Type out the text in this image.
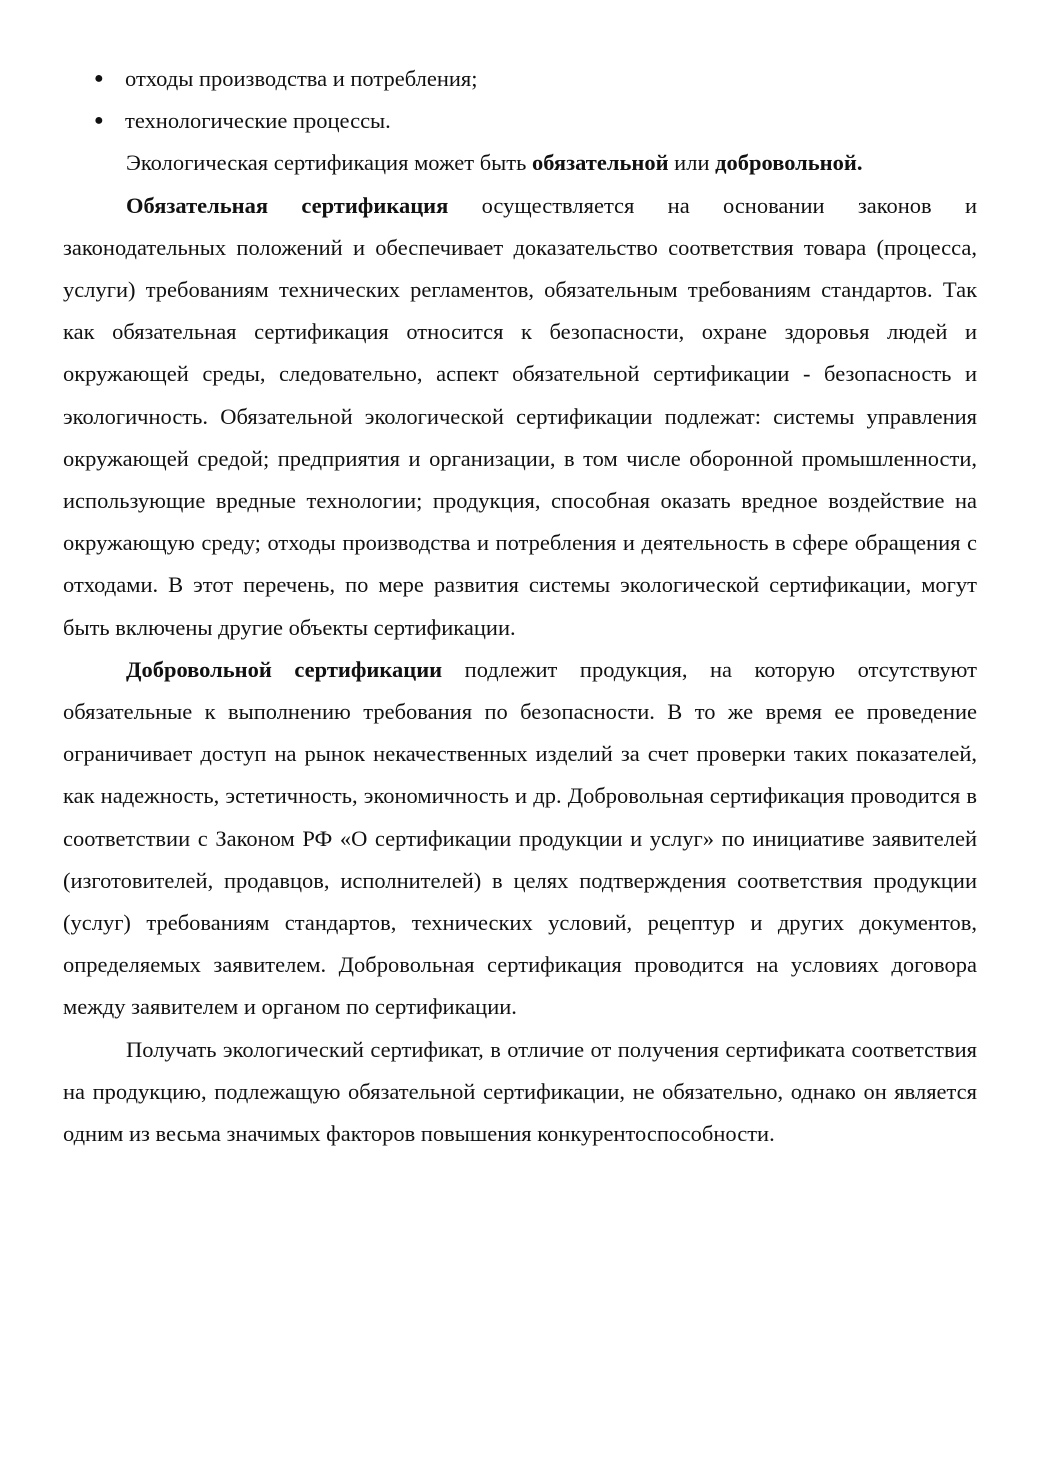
● отходы производства и потребления;
● технологические процессы.

Экологическая сертификация может быть обязательной или добровольной.

Обязательная сертификация осуществляется на основании законов и законодательных положений и обеспечивает доказательство соответствия товара (процесса, услуги) требованиям технических регламентов, обязательным требованиям стандартов. Так как обязательная сертификация относится к безопасности, охране здоровья людей и окружающей среды, следовательно, аспект обязательной сертификации - безопасность и экологичность. Обязательной экологической сертификации подлежат: системы управления окружающей средой; предприятия и организации, в том числе оборонной промышленности, использующие вредные технологии; продукция, способная оказать вредное воздействие на окружающую среду; отходы производства и потребления и деятельность в сфере обращения с отходами. В этот перечень, по мере развития системы экологической сертификации, могут быть включены другие объекты сертификации.

Добровольной сертификации подлежит продукция, на которую отсутствуют обязательные к выполнению требования по безопасности. В то же время ее проведение ограничивает доступ на рынок некачественных изделий за счет проверки таких показателей, как надежность, эстетичность, экономичность и др. Добровольная сертификация проводится в соответствии с Законом РФ «О сертификации продукции и услуг» по инициативе заявителей (изготовителей, продавцов, исполнителей) в целях подтверждения соответствия продукции (услуг) требованиям стандартов, технических условий, рецептур и других документов, определяемых заявителем. Добровольная сертификация проводится на условиях договора между заявителем и органом по сертификации.

Получать экологический сертификат, в отличие от получения сертификата соответствия на продукцию, подлежащую обязательной сертификации, не обязательно, однако он является одним из весьма значимых факторов повышения конкурентоспособности.
